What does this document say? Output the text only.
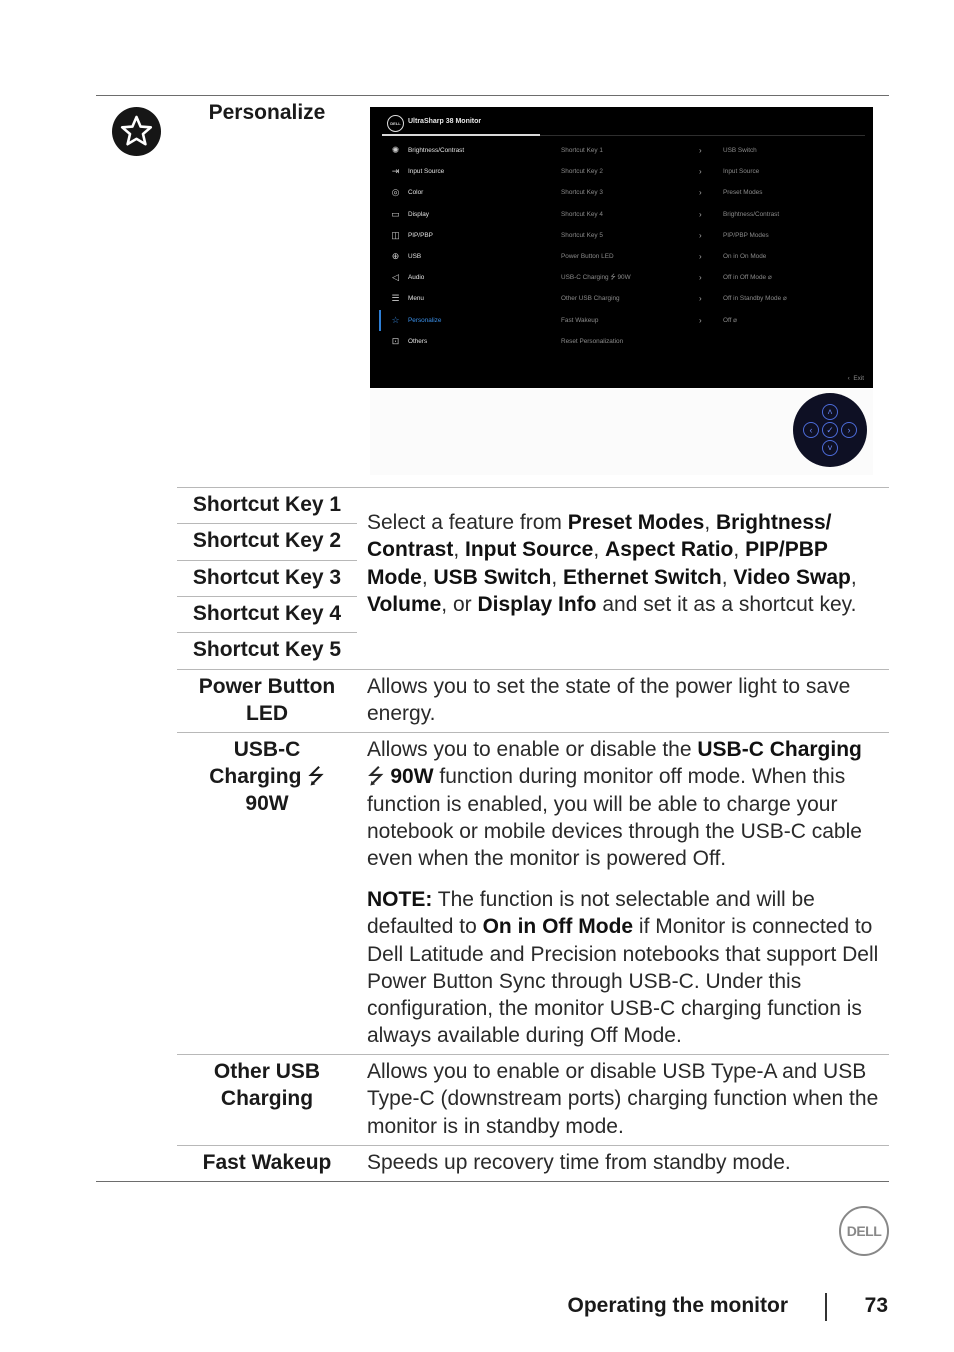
Personalize	DELL	UltraSharp 38 Monitor
✺ Brightness/Contrast	Shortcut Key 1	›	USB Switch
⇥ Input Source	Shortcut Key 2	›	Input Source
◎ Color	Shortcut Key 3	›	Preset Modes
▭ Display	Shortcut Key 4	›	Brightness/Contrast
◫ PIP/PBP	Shortcut Key 5	›	PIP/PBP Modes
⊕ USB	Power Button LED	›	On in On Mode
◁	Audio	USB-C Charging ⭍ 90W	›	Off in Off Mode ⌀
☰ Menu	Other USB Charging	›	Off in Standby Mode ⌀
☆ Personalize	Fast Wakeup	›	Off ⌀
⊡ Others	Reset Personalization
‹ Exit
˄
‹	✓	›
˅
Shortcut Key 1
Shortcut Key 2
Shortcut Key 3
Shortcut Key 4
Shortcut Key 5
Select a feature from Preset Modes, Brightness/ Contrast, Input Source, Aspect Ratio, PIP/PBP Mode, USB Switch, Ethernet Switch, Video Swap, Volume, or Display Info and set it as a shortcut key.
Power Button LED
Allows you to set the state of the power light to save energy.
USB-C
Charging ⭍
90W
Allows you to enable or disable the USB-C Charging
⭍ 90W function during monitor off mode. When this function is enabled, you will be able to charge your notebook or mobile devices through the USB-C cable even when the monitor is powered Off.
NOTE: The function is not selectable and will be defaulted to On in Off Mode if Monitor is connected to Dell Latitude and Precision notebooks that support Dell Power Button Sync through USB-C. Under this configuration, the monitor USB-C charging function is always available during Off Mode.
Other USB Charging
Allows you to enable or disable USB Type-A and USB Type-C (downstream ports) charging function when the monitor is in standby mode.
Fast Wakeup	Speeds up recovery time from standby mode.
DELL
Operating the monitor	73
